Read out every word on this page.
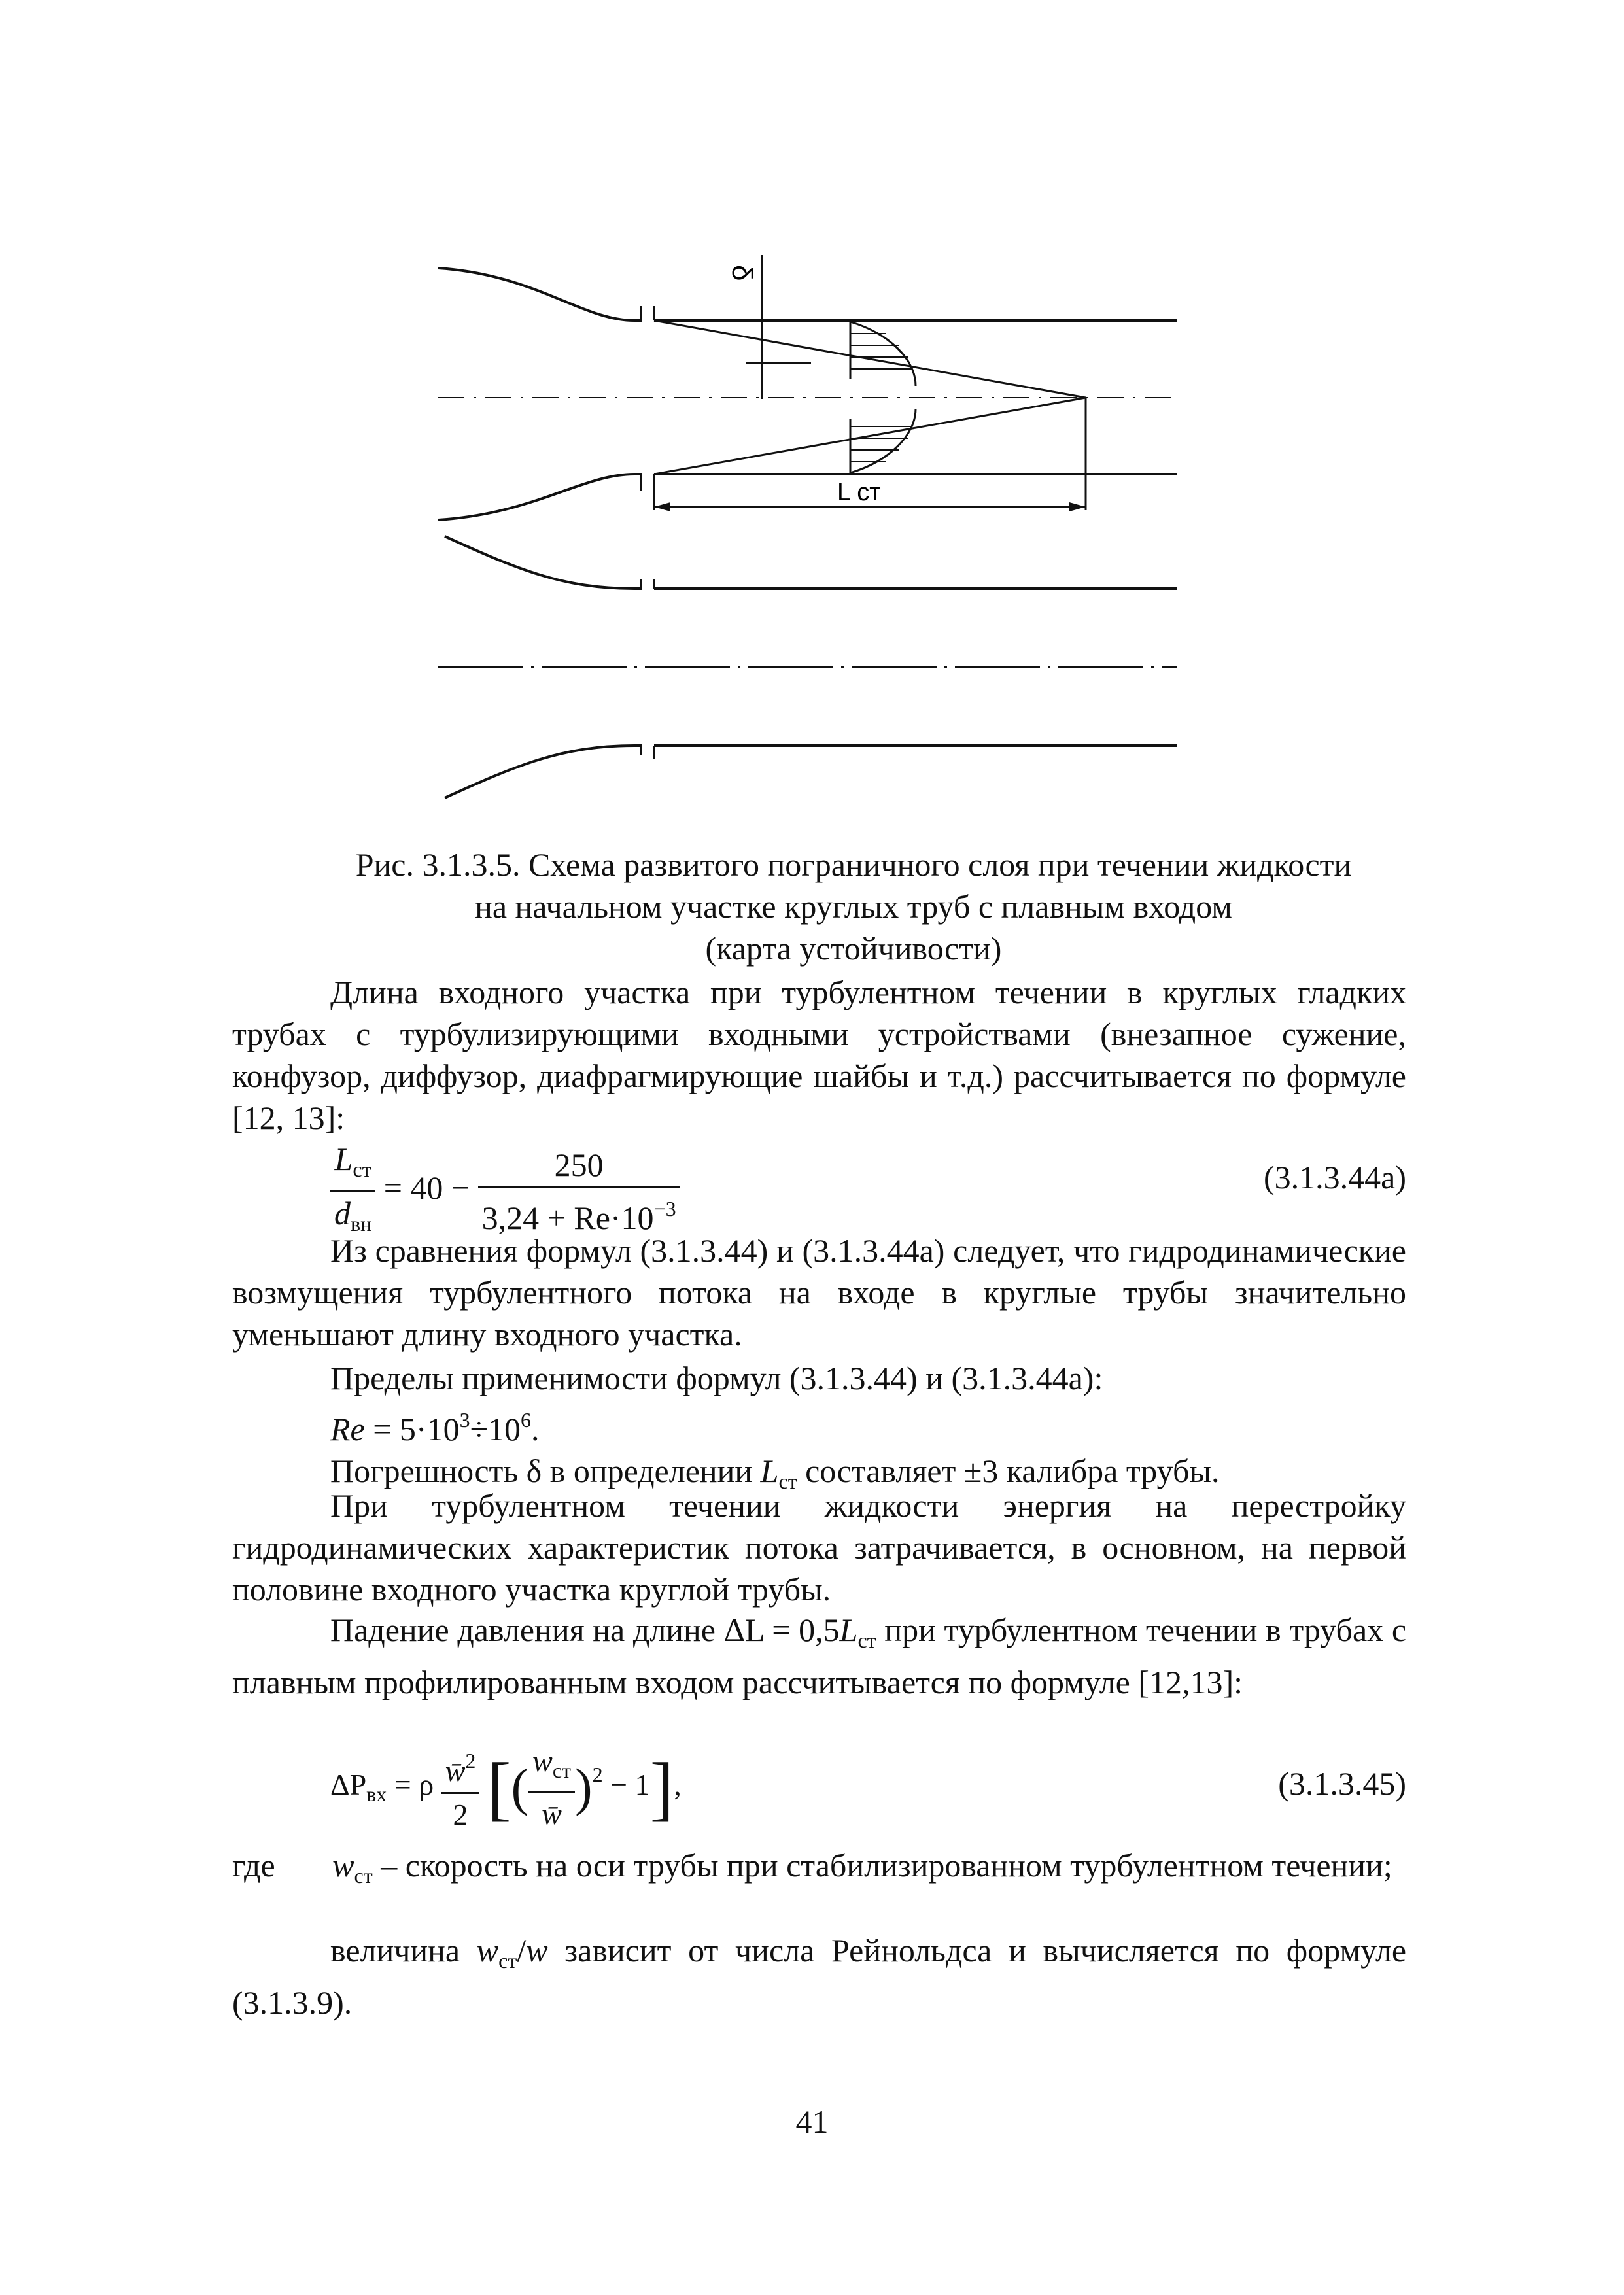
δ
L ст
Рис. 3.1.3.5. Схема развитого пограничного слоя при течении жидкости
на начальном участке круглых труб с плавным входом
(карта устойчивости)
Длина входного участка при турбулентном течении в круглых гладких трубах с турбулизирующими входными устройствами (внезапное сужение, конфузор, диффузор, диафрагмирующие шайбы и т.д.) рассчитывается по формуле [12, 13]:
$\frac{L_{ст}}{d_{вн}} = 40 - \frac{250}{3,24 + Re\cdot 10^{-3}}$	(3.1.3.44а)
Из сравнения формул (3.1.3.44) и (3.1.3.44а) следует, что гидродинамические возмущения турбулентного потока на входе в круглые трубы значительно уменьшают длину входного участка.
Пределы применимости формул (3.1.3.44) и (3.1.3.44а):
$Re = 5\cdot 10^3\div 10^6$.
Погрешность δ в определении $L_{ст}$ составляет ±3 калибра трубы.
При турбулентном течении жидкости энергия на перестройку гидродинамических характеристик потока затрачивается, в основном, на первой половине входного участка круглой трубы.
Падение давления на длине $\Delta L = 0,5L_{ст}$ при турбулентном течении в трубах с плавным профилированным входом рассчитывается по формуле [12,13]:
$\Delta P_{вх} = \rho \frac{w̄^2}{2}$ [( $\frac{w_{ст}}{w̄} )^2 - 1$],	(3.1.3.45)
где $w_{ст}$ – скорость на оси трубы при стабилизированном турбулентном течении;
величина $w_{ст}/w$ зависит от числа Рейнольдса и вычисляется по формуле (3.1.3.9).
41
